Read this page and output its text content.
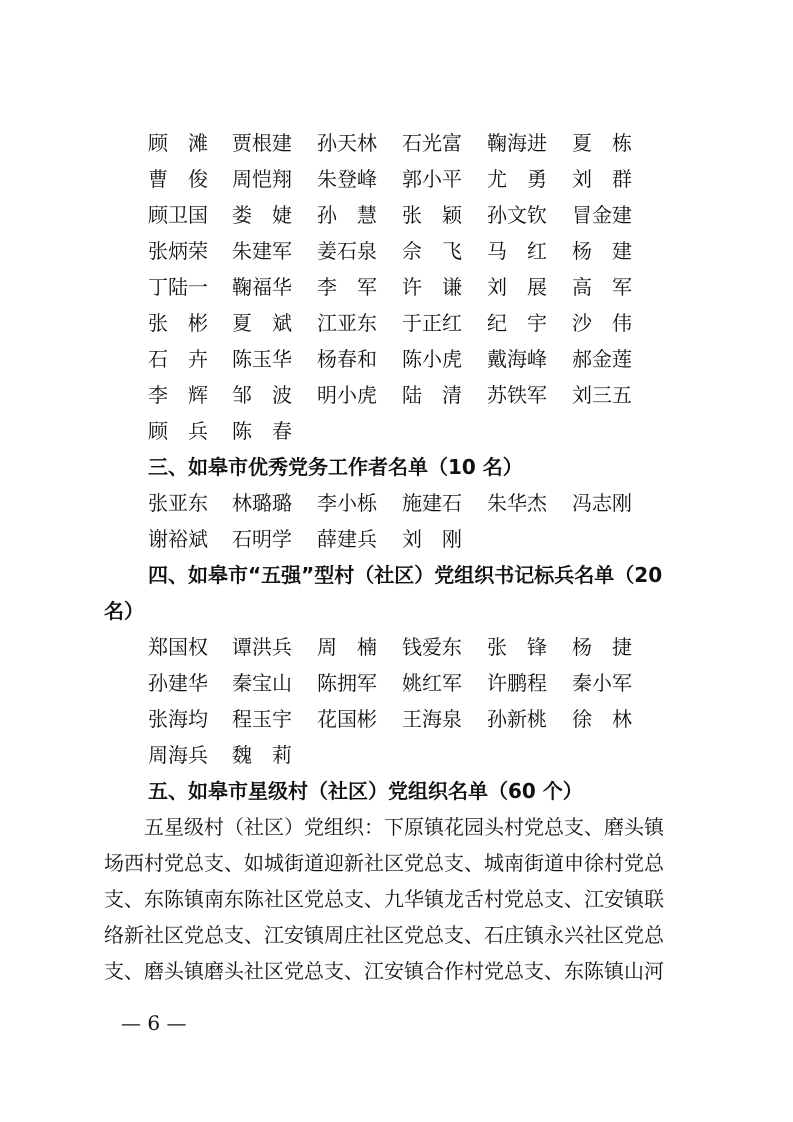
顾　滩	贾根建	孙天林	石光富	鞠海进	夏　栋
曹　俊	周恺翔	朱登峰	郭小平	尤　勇	刘　群
顾卫国	娄　婕	孙　慧	张　颖	孙文钦	冒金建
张炳荣	朱建军	姜石泉	佘　飞	马　红	杨　建
丁陆一	鞠福华	李　军	许　谦	刘　展	高　军
张　彬	夏　斌	江亚东	于正红	纪　宇	沙　伟
石　卉	陈玉华	杨春和	陈小虎	戴海峰	郝金莲
李　辉	邹　波	明小虎	陆　清	苏铁军	刘三五
顾　兵	陈　春
三、如皋市优秀党务工作者名单（10 名）
张亚东	林璐璐	李小栎	施建石	朱华杰	冯志刚
谢裕斌	石明学	薛建兵	刘　刚
四、如皋市“五强”型村（社区）党组织书记标兵名单（20
名）
郑国权	谭洪兵	周　楠	钱爱东	张　锋	杨　捷
孙建华	秦宝山	陈拥军	姚红军	许鹏程	秦小军
张海均	程玉宇	花国彬	王海泉	孙新桃	徐　林
周海兵	魏　莉
五、如皋市星级村（社区）党组织名单（60 个）
　　五星级村（社区）党组织：下原镇花园头村党总支、磨头镇
场西村党总支、如城街道迎新社区党总支、城南街道申徐村党总
支、东陈镇南东陈社区党总支、九华镇龙舌村党总支、江安镇联
络新社区党总支、江安镇周庄社区党总支、石庄镇永兴社区党总
支、磨头镇磨头社区党总支、江安镇合作村党总支、东陈镇山河
— 6 —
